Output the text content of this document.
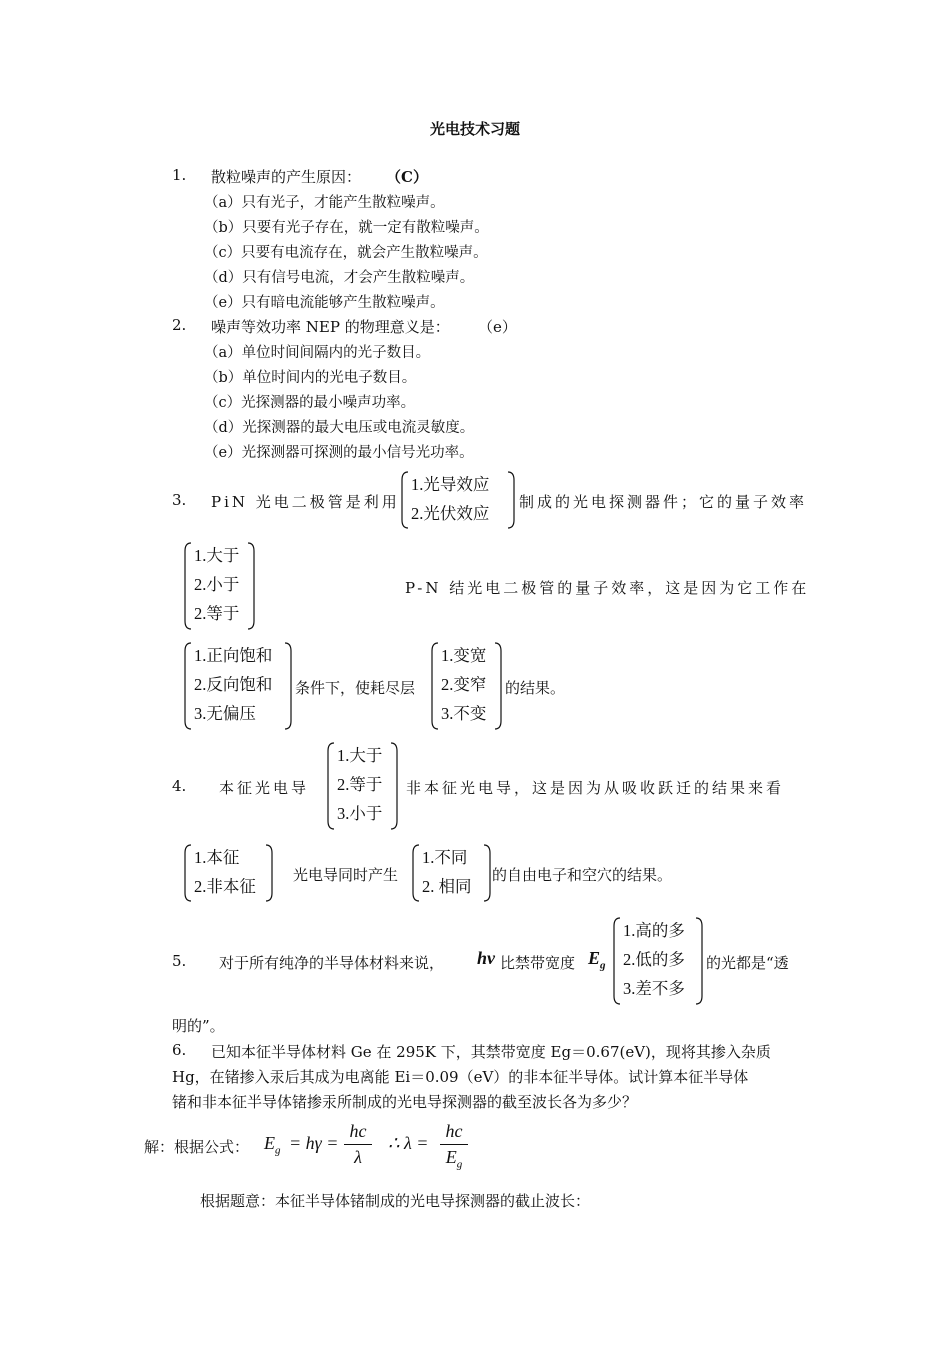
光电技术习题
1. 散粒噪声的产生原因： （C）
（a）只有光子，才能产生散粒噪声。
（b）只要有光子存在，就一定有散粒噪声。
（c）只要有电流存在，就会产生散粒噪声。
（d）只有信号电流，才会产生散粒噪声。
（e）只有暗电流能够产生散粒噪声。
2. 噪声等效功率 NEP 的物理意义是： （e）
（a）单位时间间隔内的光子数目。
（b）单位时间内的光电子数目。
（c）光探测器的最小噪声功率。
（d）光探测器的最大电压或电流灵敏度。
（e）光探测器可探测的最小信号光功率。
3. PiN 光电二极管是利用
1.光导效应
2.光伏效应
制成的光电探测器件；它的量子效率
1.大于
2.小于
2.等于
P-N 结光电二极管的量子效率，这是因为它工作在
1.正向饱和
2.反向饱和
3.无偏压
条件下，使耗尽层
1.变宽
2.变窄
3.不变
的结果。
4. 本征光电导
1.大于
2.等于
3.小于
非本征光电导，这是因为从吸收跃迁的结果来看
1.本征
2.非本征
光电导同时产生
1.不同
2. 相同
的自由电子和空穴的结果。
5. 对于所有纯净的半导体材料来说， hν 比禁带宽度 $E_g$
1.高的多
2.低的多
3.差不多
的光都是“透
明的”。
6. 已知本征半导体材料 Ge 在 295K 下，其禁带宽度 Eg＝0.67(eV)，现将其掺入杂质
Hg，在锗掺入汞后其成为电离能 Ei＝0.09（eV）的非本征半导体。试计算本征半导体
锗和非本征半导体锗掺汞所制成的光电导探测器的截至波长各为多少？
解：根据公式： $E_g = h\gamma$ =
hc
λ
∴ λ =
hc
$E_g$
根据题意：本征半导体锗制成的光电导探测器的截止波长：
